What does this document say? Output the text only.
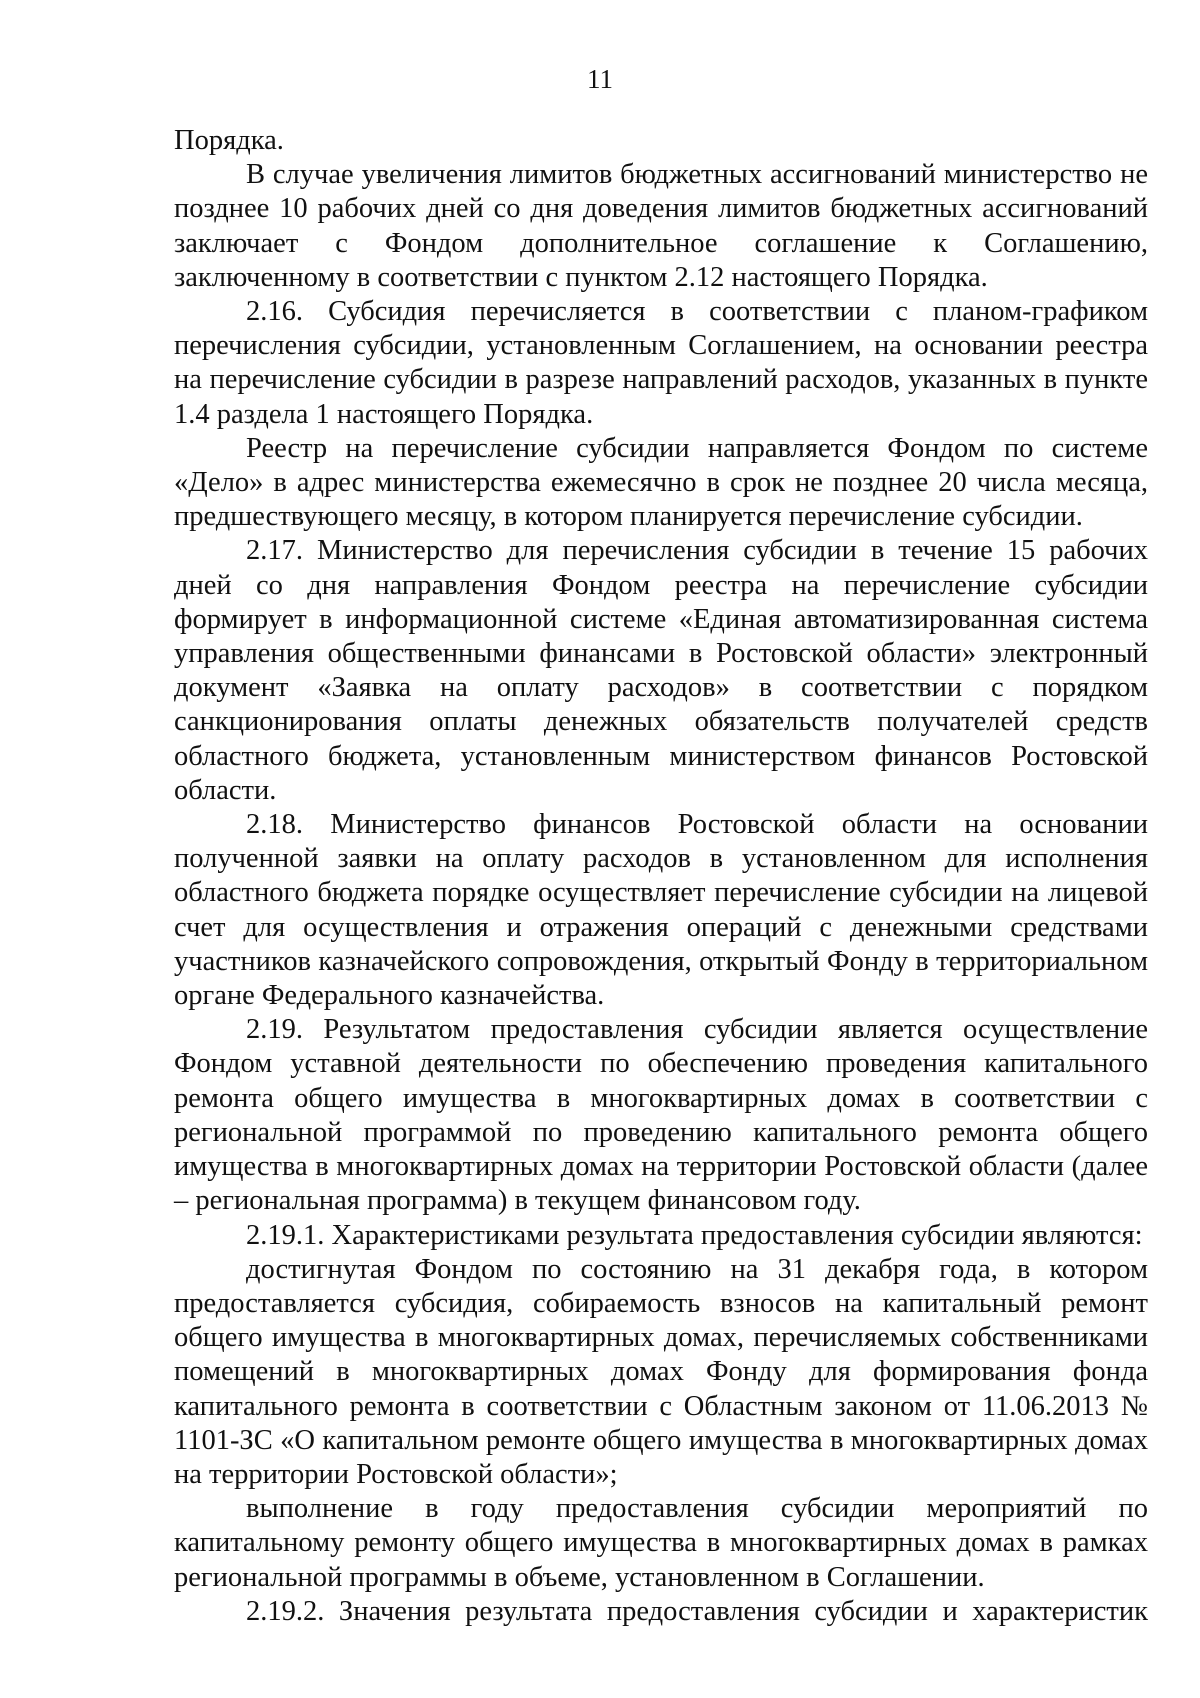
11

Порядка.

В случае увеличения лимитов бюджетных ассигнований министерство не позднее 10 рабочих дней со дня доведения лимитов бюджетных ассигнований заключает с Фондом дополнительное соглашение к Соглашению, заключенному в соответствии с пунктом 2.12 настоящего Порядка.

2.16. Субсидия перечисляется в соответствии с планом-графиком перечисления субсидии, установленным Соглашением, на основании реестра на перечисление субсидии в разрезе направлений расходов, указанных в пункте 1.4 раздела 1 настоящего Порядка.

Реестр на перечисление субсидии направляется Фондом по системе «Дело» в адрес министерства ежемесячно в срок не позднее 20 числа месяца, предшествующего месяцу, в котором планируется перечисление субсидии.

2.17. Министерство для перечисления субсидии в течение 15 рабочих дней со дня направления Фондом реестра на перечисление субсидии формирует в информационной системе «Единая автоматизированная система управления общественными финансами в Ростовской области» электронный документ «Заявка на оплату расходов» в соответствии с порядком санкционирования оплаты денежных обязательств получателей средств областного бюджета, установленным министерством финансов Ростовской области.

2.18. Министерство финансов Ростовской области на основании полученной заявки на оплату расходов в установленном для исполнения областного бюджета порядке осуществляет перечисление субсидии на лицевой счет для осуществления и отражения операций с денежными средствами участников казначейского сопровождения, открытый Фонду в территориальном органе Федерального казначейства.

2.19. Результатом предоставления субсидии является осуществление Фондом уставной деятельности по обеспечению проведения капитального ремонта общего имущества в многоквартирных домах в соответствии с региональной программой по проведению капитального ремонта общего имущества в многоквартирных домах на территории Ростовской области (далее – региональная программа) в текущем финансовом году.

2.19.1. Характеристиками результата предоставления субсидии являются:

достигнутая Фондом по состоянию на 31 декабря года, в котором предоставляется субсидия, собираемость взносов на капитальный ремонт общего имущества в многоквартирных домах, перечисляемых собственниками помещений в многоквартирных домах Фонду для формирования фонда капитального ремонта в соответствии с Областным законом от 11.06.2013 № 1101-ЗС «О капитальном ремонте общего имущества в многоквартирных домах на территории Ростовской области»;

выполнение в году предоставления субсидии мероприятий по капитальному ремонту общего имущества в многоквартирных домах в рамках региональной программы в объеме, установленном в Соглашении.

2.19.2. Значения результата предоставления субсидии и характеристик
